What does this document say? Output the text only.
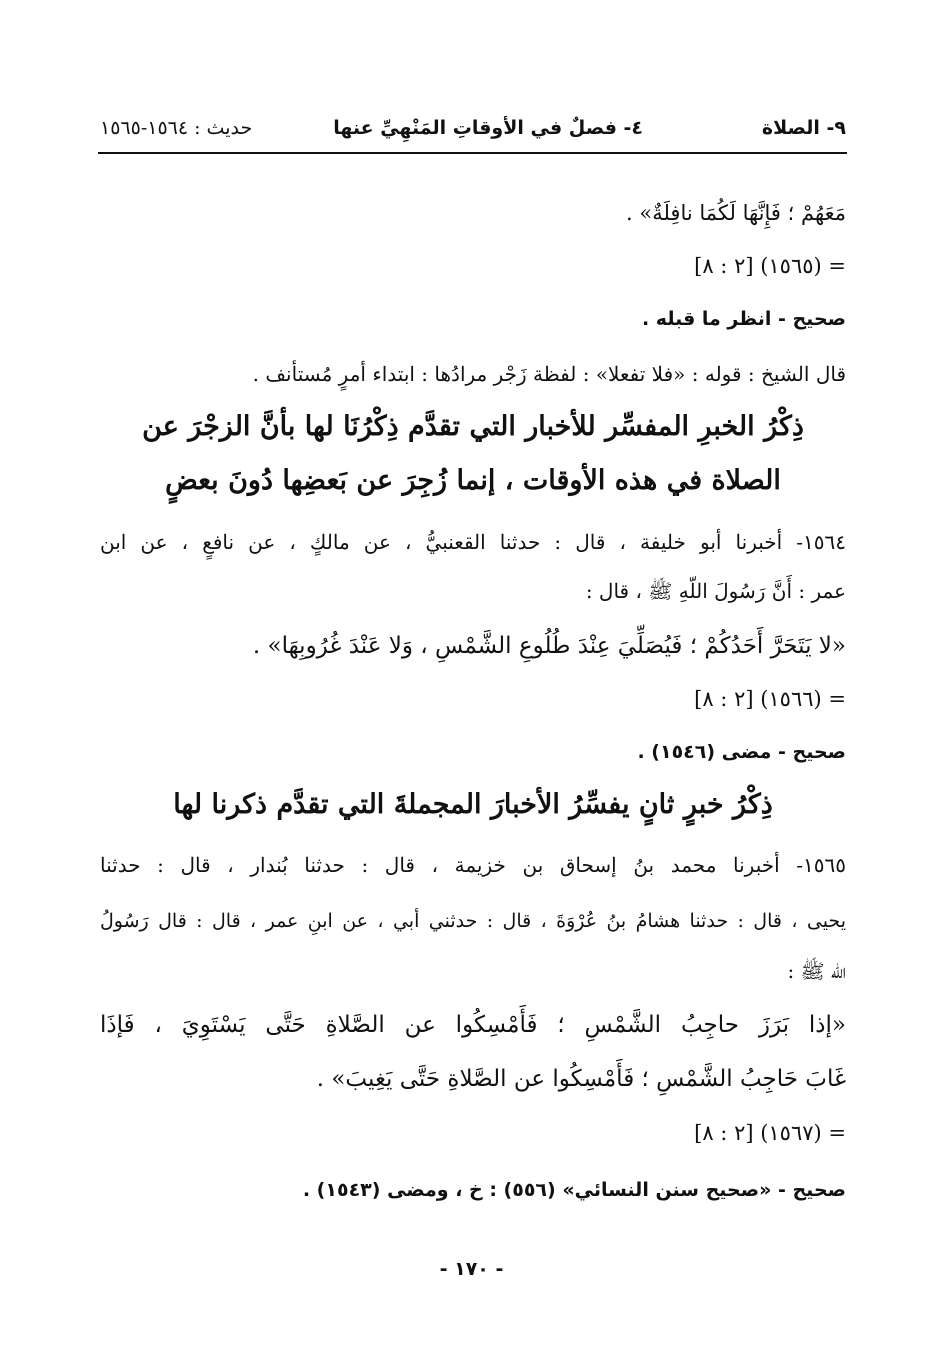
٩- الصلاة
٤- فصلٌ في الأوقاتِ المَنْهِيِّ عنها
حديث : ١٥٦٤-١٥٦٥
مَعَهُمْ ؛ فَإِنَّهَا لَكُمَا نافِلَةٌ» .
= (١٥٦٥) [٢ : ٨]
صحيح - انظر ما قبله .
قال الشيخ : قوله : «فلا تفعلا» : لفظة زَجْر مرادُها : ابتداء أمرٍ مُستأنف .
ذِكْرُ الخبرِ المفسِّر للأخبار التي تقدَّم ذِكْرُنَا لها بأنَّ الزجْرَ عن
الصلاة في هذه الأوقات ، إنما زُجِرَ عن بَعضِها دُونَ بعضٍ
١٥٦٤- أخبرنا أبو خليفة ، قال : حدثنا القعنبيُّ ، عن مالكٍ ، عن نافعٍ ، عن ابن
عمر : أَنَّ رَسُولَ اللّهِ ﷺ ، قال :
«لا يَتَحَرَّ أَحَدُكُمْ ؛ فَيُصَلِّيَ عِنْدَ طُلُوعِ الشَّمْسِ ، وَلا عَنْدَ غُرُوبِهَا» .
= (١٥٦٦) [٢ : ٨]
صحيح - مضى (١٥٤٦) .
ذِكْرُ خبرٍ ثانٍ يفسِّرُ الأخبارَ المجملةَ التي تقدَّم ذكرنا لها
١٥٦٥- أخبرنا محمد بنُ إسحاق بن خزيمة ، قال : حدثنا بُندار ، قال : حدثنا
يحيى ، قال : حدثنا هشامُ بنُ عُرْوَةَ ، قال : حدثني أبي ، عن ابنِ عمر ، قال : قال رَسُولُ
اللّه ﷺ :
«إذا بَرَزَ حاجِبُ الشَّمْسِ ؛ فَأَمْسِكُوا عن الصَّلاةِ حَتَّى يَسْتَوِيَ ، فَإذَا
غَابَ حَاجِبُ الشَّمْسِ ؛ فَأَمْسِكُوا عن الصَّلاةِ حَتَّى يَغِيبَ» .
= (١٥٦٧) [٢ : ٨]
صحيح - «صحيح سنن النسائي» (٥٥٦) : خ ، ومضى (١٥٤٣) .
- ١٧٠ -
